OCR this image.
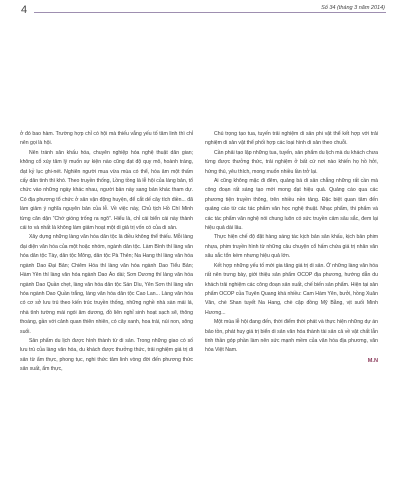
4	Số 34 (tháng 3 năm 2014)

ở đó bao hàm. Trường hợp chỉ có hội mà thiếu vắng yếu tố tâm linh thì chỉ nên gọi là hội.

Nên tránh sân khấu hóa, chuyên nghiệp hóa nghệ thuật dân gian; không cổ xúy tâm lý muốn sự kiện nào cũng đạt độ quy mô, hoành tráng, đạt kỷ lục ghi-nét. Nghiên người mua vừa mùa có thể, hóa âm một thấm cấy dân tinh thì khó. Theo truyền thống, Lồng tồng là lễ hội của làng bản, tổ chức vào những ngày khác nhau, người bản này sang bản khác tham dự. Có địa phương tổ chức ở sân vận động huyện, để cắt dế cây tích điền... đã làm giảm ý nghĩa nguyên bản của lễ. Về việc này, Chủ tịch Hồ Chí Minh từng căn dặn “Chớ gióng trống ra ngõ”. Hiểu là, chỉ cái biển cái này thành cái to và nhất là không làm giảm hoạt một di giả trị vốn có của di sản.

Xây dựng những làng văn hóa dân tộc là điều không thể thiếu. Mỗi làng đại diện văn hóa của một hoặc nhóm, ngành dân tộc. Làm Bình thí làng văn hóa dân tộc Tày, dân tộc Mông, dân tộc Pà Thẻn; Na Hang thí làng văn hóa ngành Dao Đại Bản; Chiêm Hóa thí làng văn hóa ngành Dao Tiểu Bản; Hàm Yên thí làng văn hóa ngành Dao Áo dài; Sơn Dương thí làng văn hóa ngành Dao Quần chẹt, làng văn hóa dân tộc Sán Dìu, Yên Sơn thí làng văn hóa ngành Dao Quần trắng, làng văn hóa dân tộc Cao Lan... Làng văn hóa có cơ sở lưu trú theo kiến trúc truyền thống, những nghề nhà sàn mái lá, nhà tình tường mái ngói âm dương, đồ liên nghỉ sinh hoạt sạch sẽ, thông thoáng, gần với cảnh quan thiên nhiên, có cây xanh, hoa trái, núi non, sông suối.

Sản phẩm du lịch được hình thành từ di sản. Trong những giao có số lưu trú của làng văn hóa, du khách được thưởng thức, trải nghiệm giá trị di sản từ ẩm thực, phong tục, nghi thức tâm linh vòng đời đến phương thức sản xuất, ẩm thực,

Chú trọng tạo tua, tuyến trải nghiệm di sản phi vật thể kết hợp với trải nghiệm di sản vật thể phối hợp các loại hình di sản theo chuỗi.

Cần phải tạo lập những tua, tuyến, sản phẩm du lịch mà du khách chưa từng được thưởng thức, trải nghiệm ở bất cứ nơi nào khiến họ hồ hởi, hứng thú, yêu thích, mong muốn nhiều lần trở lại.

Ai cũng không mặc đi đêm, quảng bá di sản chẳng những rất cần mà công đoạn rất sáng tạo mới mong đạt hiệu quả. Quảng cáo qua các phương tiện truyền thông, trên nhiều nền tảng. Đặc biệt quan tâm đến quảng cáo từ các tác phẩm văn học nghệ thuật. Nhạc phẩm, thi phẩm và các tác phẩm văn nghệ nói chung luôn có sức truyền cảm sâu sắc, đem lại hiệu quả dài lâu.

Thực hiện chế độ đặt hàng sáng tác kịch bản sân khấu, kịch bản phim nhựa, phim truyền hình từ những câu chuyện cổ hấm chứa giá trị nhân văn sâu sắc tổn kém nhưng hiệu quả lớn.

Kết hợp những yếu tố mới gia tăng giá trị di sản. Ở những làng văn hóa rất nên trưng bày, giới thiệu sản phẩm OCOP địa phương, hướng dẫn du khách trải nghiệm các công đoạn sản xuất, chế biến sản phẩm. Hiện tại sản phẩm OCOP của Tuyên Quang khá nhiều: Cam Hàm Yên, bưởi, hồng Xuân Vân, chè Shan tuyết Na Hang, chè cặp đồng Mỹ Bằng, vịt suối Minh Hương...

Một mùa lễ hội đang đến, thời điểm thời phát và thực hiện những dự án bảo tồn, phát huy giá trị biển di sản văn hóa thành tài sản cả về vật chất lẫn tinh thần góp phần làm nên sức mạnh mềm của văn hóa địa phương, văn hóa Việt Nam.

M.N
